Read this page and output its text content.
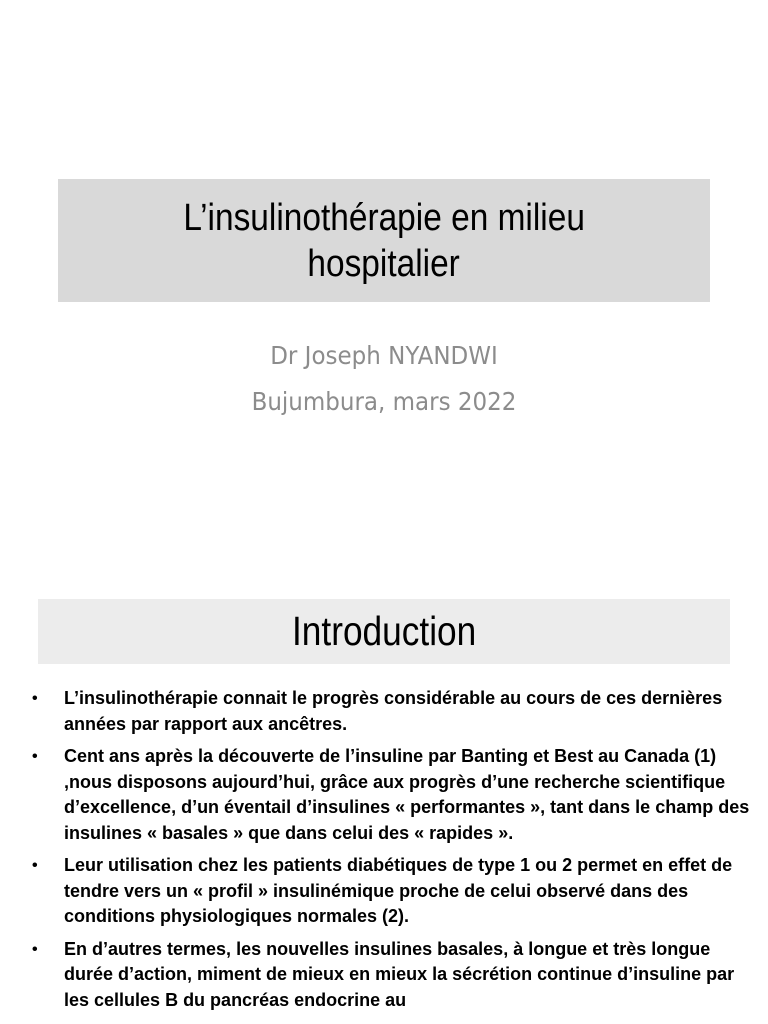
L’insulinothérapie en milieu
hospitalier
Dr Joseph NYANDWI
Bujumbura, mars 2022
Introduction
• L’insulinothérapie connait le progrès considérable au cours de ces dernières années par rapport aux ancêtres.
• Cent ans après la découverte de l’insuline par Banting et Best au Canada (1) ,nous disposons aujourd’hui, grâce aux progrès d’une recherche scientifique d’excellence, d’un éventail d’insulines « performantes », tant dans le champ des insulines « basales » que dans celui des « rapides ».
• Leur utilisation chez les patients diabétiques de type 1 ou 2 permet en effet de tendre vers un « profil » insulinémique proche de celui observé dans des conditions physiologiques normales (2).
• En d’autres termes, les nouvelles insulines basales, à longue et très longue durée d’action, miment de mieux en mieux la sécrétion continue d’insuline par les cellules B du pancréas endocrine au
